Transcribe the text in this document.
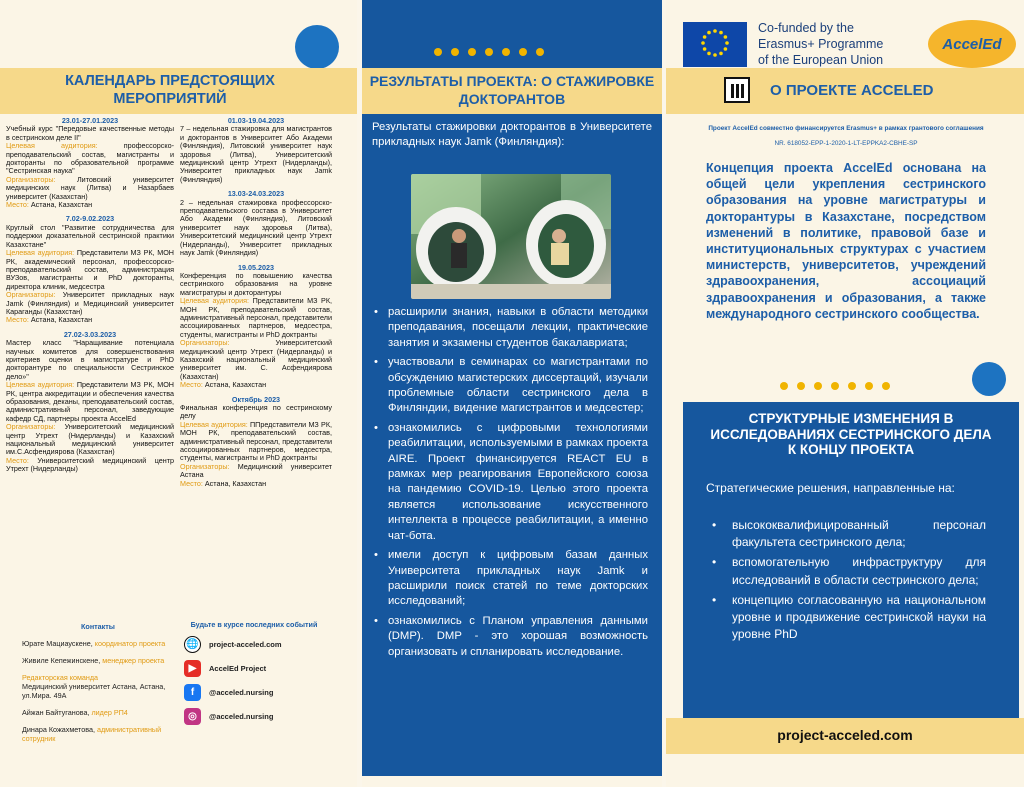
КАЛЕНДАРЬ ПРЕДСТОЯЩИХ МЕРОПРИЯТИЙ
23.01-27.01.2023

Учебный курс "Передовые качественные методы в сестринском деле II"

Целевая аудитория:	профессорско-преподавательский состав, магистранты и докторанты по образовательной программе "Сестринская наука"

Организаторы:	Литовский университет медицинских наук (Литва) и Назарбаев университет (Казахстан)

Место: Астана, Казахстан

7.02-9.02.2023

Круглый стол "Развитие сотрудничества для поддержки доказательной сестринской практики Казахстане"

Целевая аудитория: Представители МЗ РК, МОН РК, академический персонал, профессорско-преподавательский состав, администрация ВУЗов, магистранты и PhD докторанты, директора клиник, медсестра

Организаторы: Университет прикладных наук Jamk (Финляндия) и Медицинский университет Караганды (Казахстан)

Место: Астана, Казахстан

27.02-3.03.2023

Мастер класс "Наращивание потенциала научных комитетов для совершенствования критериев оценки в магистратуре и PhD докторантуре по специальности Сестринское дело»"

Целевая аудитория: Представители МЗ РК, МОН РК, центра аккредитации и обеспечения качества образования, деканы, преподавательский состав, административный персонал, заведующие кафедр СД, партнеры проекта AccelEd

Организаторы: Университетский медицинский центр Утрехт (Нидерланды) и Казахский национальный медицинский университет им.С.Асфендиярова (Казахстан)

Место: Университетский медицинский центр Утрехт (Нидерланды)

01.03-19.04.2023

7 – недельная стажировка для магистрантов и докторантов в Университет Або Академи (Финляндия), Литовский университет наук здоровья (Литва), Университетский медицинский центр Утрехт (Нидерланды), Университет прикладных наук Jamk (Финляндия)

13.03-24.03.2023

2 – недельная стажировка профессорско-преподавательского состава в Университет Або Академи (Финляндия), Литовский университет наук здоровья (Литва), Университетский медицинский центр Утрехт (Нидерланды), Университет прикладных наук Jamk (Финляндия)

19.05.2023

Конференция по повышению качества сестринского образования на уровне магистратуры и докторантуры

Целевая аудитория: Представители МЗ РК, МОН РК, преподавательский состав, административный персонал, представители ассоциированных партнеров, медсестра, студенты, магистранты и PhD доктранты

Организаторы:	Университетский медицинский центр Утрехт (Нидерланды) и Казахский национальный медицинский университет им. С. Асфендиярова (Казахстан)

Место: Астана, Казахстан

Октябрь 2023

Финальная конференция по сестринскому делу

Целевая аудитория: ППредставители МЗ РК, МОН РК, преподавательский состав, административный персонал, представители ассоциированных партнеров, медсестра, студенты, магистранты и PhD доктранты

Организаторы: Медицинский университет Астана

Место: Астана, Казахстан

Контакты
Юрате Мациаускене, координатор проекта
Живиле Кепежинскене, менеджер проекта
Редакторская команда
Медицинский университет Астана, Астана, ул.Мира. 49А
Айжан Байтуганова, лидер РП4
Динара Кожахметова, административный сотрудник
Будьте в курсе последних событий
🌐	project-acceled.com
▶	AccelEd Project
f	@acceled.nursing
◎	@acceled.nursing
РЕЗУЛЬТАТЫ ПРОЕКТА: О СТАЖИРОВКЕ ДОКТОРАНТОВ
Результаты стажировки докторантов в Университете прикладных наук Jamk (Финляндия):
• расширили знания, навыки в области методики преподавания, посещали лекции, практические занятия и экзамены студентов бакалавриата;
• участвовали в семинарах со магистрантами по обсуждению магистерских диссертаций, изучали проблемные области сестринского дела в Финляндии, видение магистрантов и медсестер;
• ознакомились с цифровыми технологиями реабилитации, используемыми в рамках проекта AIRE. Проект финансируется REACT EU в рамках мер реагирования Европейского союза на пандемию COVID-19. Целью этого проекта является использование искусственного интеллекта в процессе реабилитации, а именно чат-бота.
• имели доступ к цифровым базам данных Университета прикладных наук Jamk и расширили поиск статей по теме докторских исследований;
• ознакомились с Планом управления данными (DMP). DMP - это хорошая возможность организовать и спланировать исследование.
Co-funded by the
Erasmus+ Programme
of the European Union
AccelEd
О ПРОЕКТЕ ACCELED
Проект AccelEd совместно финансируется Erasmus+ в рамках грантового соглашения
NR. 618052-EPP-1-2020-1-LT-EPPKA2-CBHE-SP
Концепция проекта AccelEd основана на общей цели укрепления сестринского образования на уровне магистратуры и докторантуры в Казахстане, посредством изменений в политике, правовой базе и институциональных структурах с участием министерств, университетов, учреждений здравоохранения, ассоциаций здравоохранения и образования, а также международного сестринского сообщества.
СТРУКТУРНЫЕ ИЗМЕНЕНИЯ В ИССЛЕДОВАНИЯХ СЕСТРИНСКОГО ДЕЛА К КОНЦУ ПРОЕКТА
Стратегические решения, направленные на:
• высококвалифицированный персонал факультета сестринского дела;
• вспомогательную инфраструктуру для исследований в области сестринского дела;
• концепцию согласованную на национальном уровне и продвижение сестринской науки на уровне PhD
project-acceled.com
